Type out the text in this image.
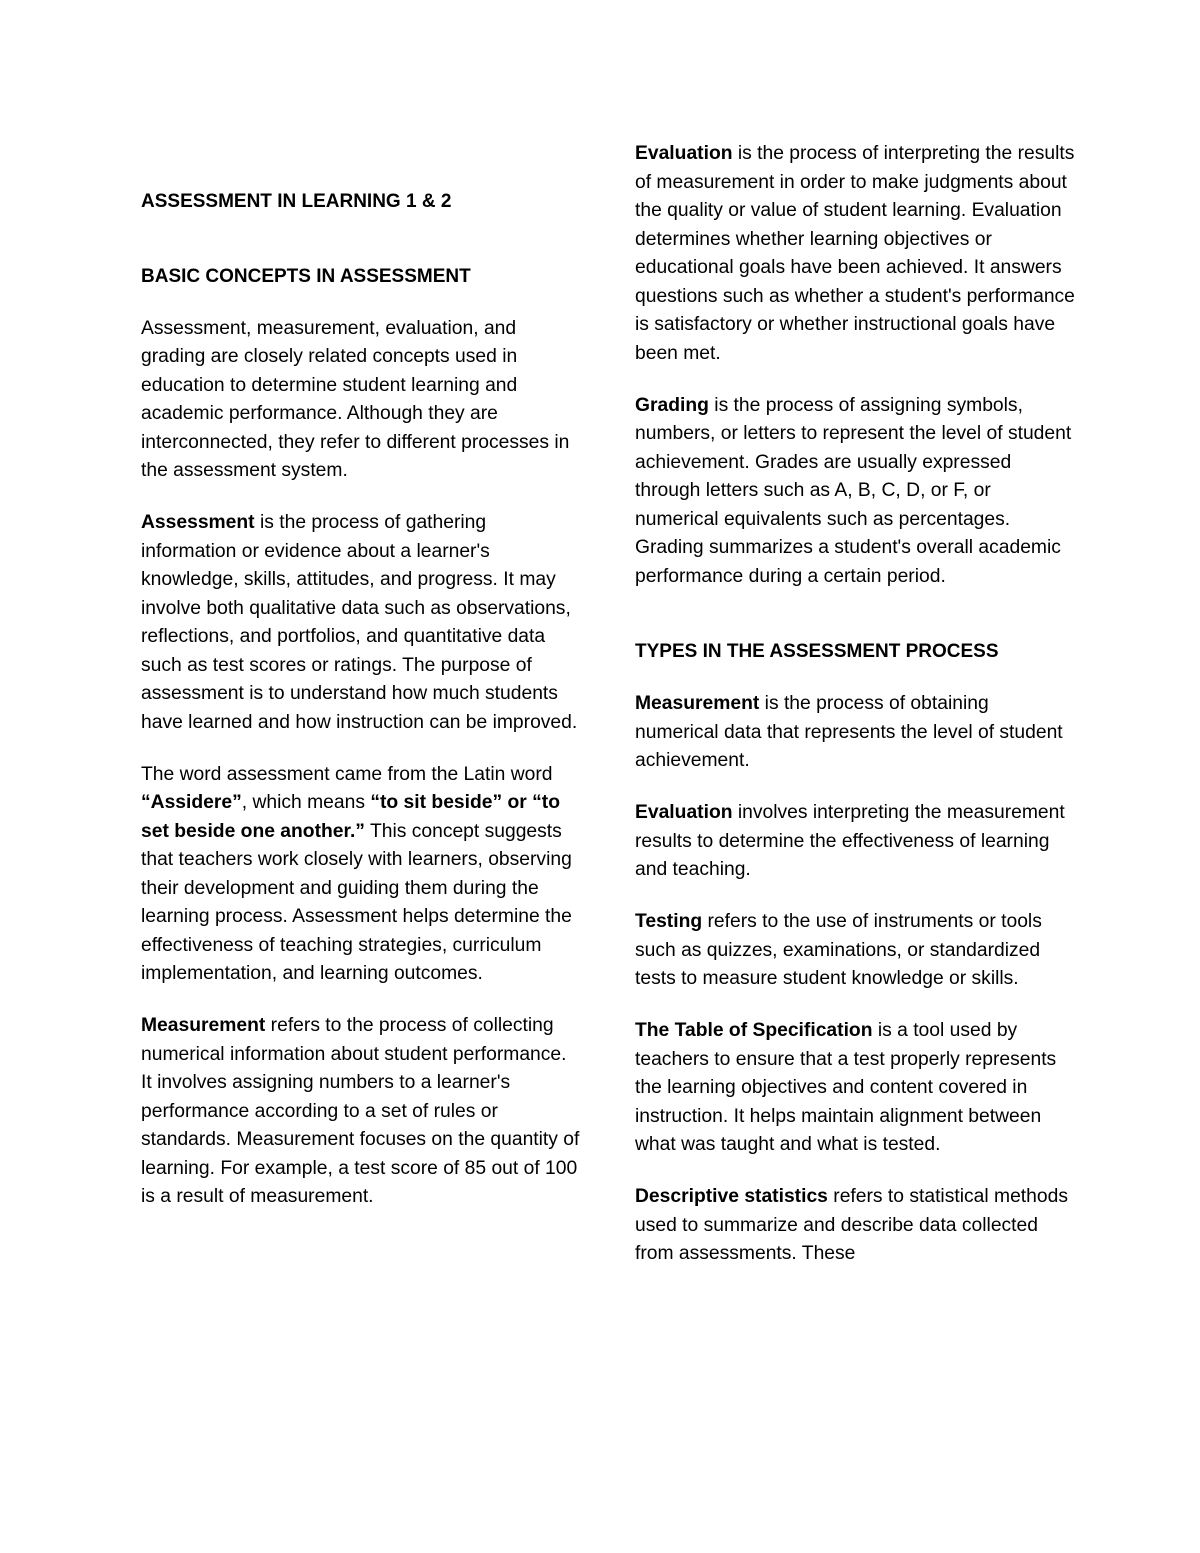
ASSESSMENT IN LEARNING 1 & 2
BASIC CONCEPTS IN ASSESSMENT

Assessment, measurement, evaluation, and grading are closely related concepts used in education to determine student learning and academic performance. Although they are interconnected, they refer to different processes in the assessment system.

Assessment is the process of gathering information or evidence about a learner's knowledge, skills, attitudes, and progress. It may involve both qualitative data such as observations, reflections, and portfolios, and quantitative data such as test scores or ratings. The purpose of assessment is to understand how much students have learned and how instruction can be improved.

The word assessment came from the Latin word “Assidere”, which means “to sit beside” or “to set beside one another.” This concept suggests that teachers work closely with learners, observing their development and guiding them during the learning process. Assessment helps determine the effectiveness of teaching strategies, curriculum implementation, and learning outcomes.

Measurement refers to the process of collecting numerical information about student performance. It involves assigning numbers to a learner's performance according to a set of rules or standards. Measurement focuses on the quantity of learning. For example, a test score of 85 out of 100 is a result of measurement.

Evaluation is the process of interpreting the results of measurement in order to make judgments about the quality or value of student learning. Evaluation determines whether learning objectives or educational goals have been achieved. It answers questions such as whether a student's performance is satisfactory or whether instructional goals have been met.

Grading is the process of assigning symbols, numbers, or letters to represent the level of student achievement. Grades are usually expressed through letters such as A, B, C, D, or F, or numerical equivalents such as percentages. Grading summarizes a student's overall academic performance during a certain period.

TYPES IN THE ASSESSMENT PROCESS

Measurement is the process of obtaining numerical data that represents the level of student achievement.

Evaluation involves interpreting the measurement results to determine the effectiveness of learning and teaching.

Testing refers to the use of instruments or tools such as quizzes, examinations, or standardized tests to measure student knowledge or skills.

The Table of Specification is a tool used by teachers to ensure that a test properly represents the learning objectives and content covered in instruction. It helps maintain alignment between what was taught and what is tested.

Descriptive statistics refers to statistical methods used to summarize and describe data collected from assessments. These
